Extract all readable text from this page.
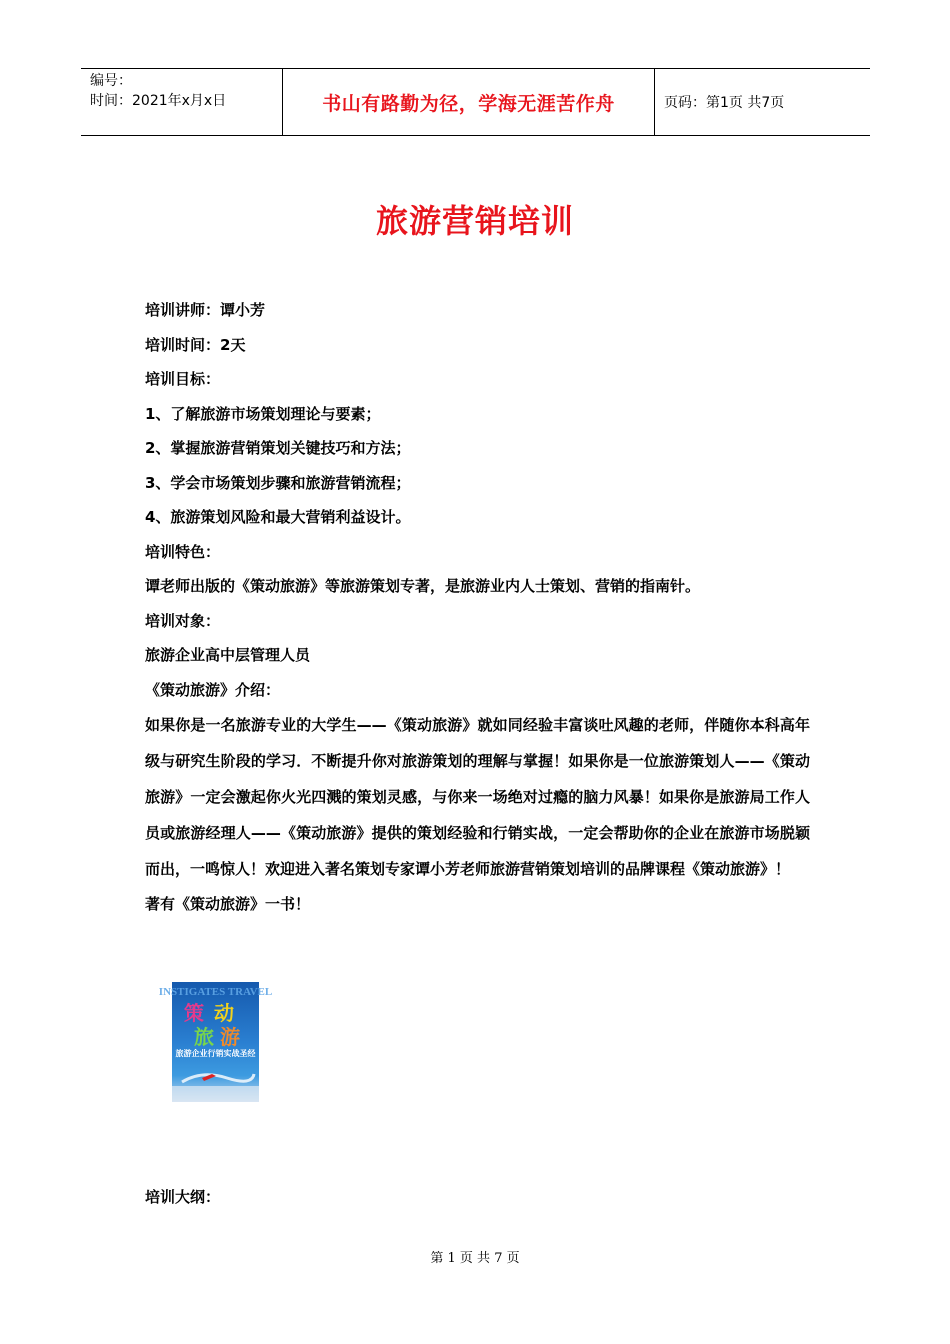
编号：
时间：2021年x月x日	书山有路勤为径，学海无涯苦作舟	页码：第1页 共7页
旅游营销培训
培训讲师：谭小芳
培训时间：2天
培训目标：
1、了解旅游市场策划理论与要素；
2、掌握旅游营销策划关键技巧和方法；
3、学会市场策划步骤和旅游营销流程；
4、旅游策划风险和最大营销利益设计。
培训特色：
谭老师出版的《策动旅游》等旅游策划专著，是旅游业内人士策划、营销的指南针。
培训对象：
旅游企业高中层管理人员
《策动旅游》介绍：
如果你是一名旅游专业的大学生——《策动旅游》就如同经验丰富谈吐风趣的老师，伴随你本科高年级与研究生阶段的学习．不断提升你对旅游策划的理解与掌握！如果你是一位旅游策划人——《策动旅游》一定会激起你火光四溅的策划灵感，与你来一场绝对过瘾的脑力风暴！如果你是旅游局工作人员或旅游经理人——《策动旅游》提供的策划经验和行销实战，一定会帮助你的企业在旅游市场脱颖而出，一鸣惊人！欢迎进入著名策划专家谭小芳老师旅游营销策划培训的品牌课程《策动旅游》！
著有《策动旅游》一书！
INSTIGATES TRAVEL
策 动
旅 游
旅游企业行销实战圣经
培训大纲：
第 1 页 共 7 页
